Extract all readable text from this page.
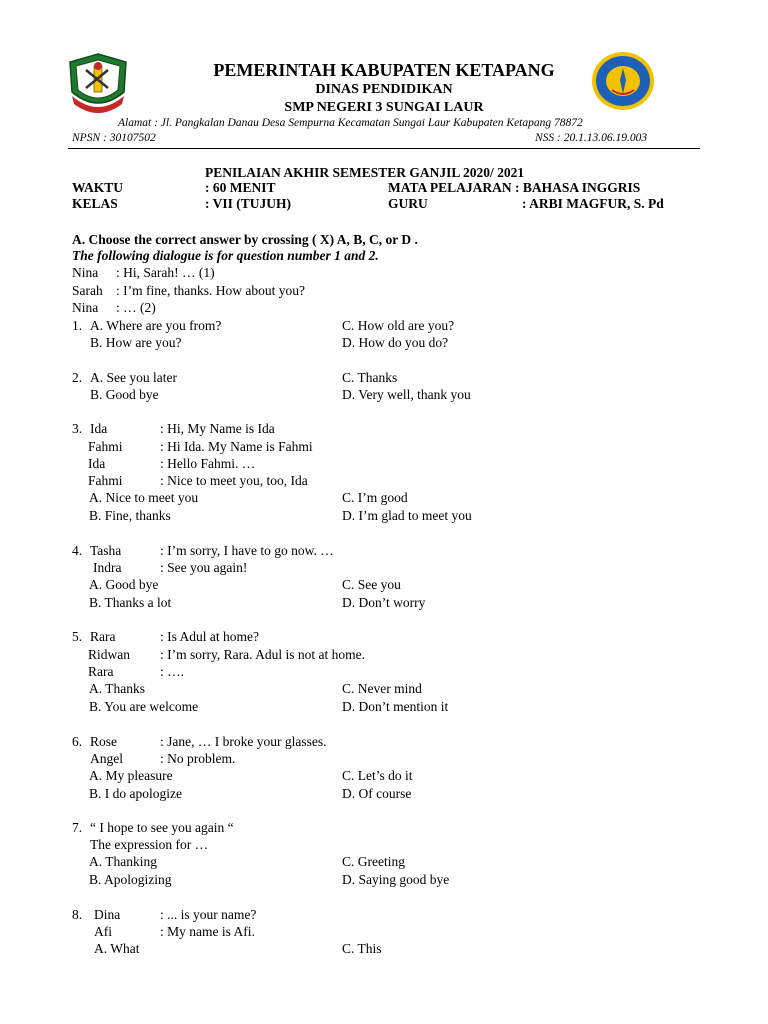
PEMERINTAH KABUPATEN KETAPANG
DINAS PENDIDIKAN
SMP NEGERI 3 SUNGAI LAUR
Alamat : Jl. Pangkalan Danau Desa Sempurna Kecamatan Sungai Laur Kabupaten Ketapang 78872
NPSN : 30107502	NSS : 20.1.13.06.19.003
PENILAIAN AKHIR SEMESTER GANJIL 2020/ 2021
WAKTU	: 60 MENIT	MATA PELAJARAN : BAHASA INGGRIS
KELAS	: VII (TUJUH)	GURU	: ARBI MAGFUR, S. Pd
A. Choose the correct answer by crossing ( X) A, B, C, or D .
The following dialogue is for question number 1 and 2.
Nina : Hi, Sarah! … (1)
Sarah : I’m fine, thanks. How about you?
Nina : … (2)
1. A. Where are you from?	C. How old are you?
B. How are you?	D. How do you do?
2. A. See you later	C. Thanks
B. Good bye	D. Very well, thank you
3. Ida	: Hi, My Name is Ida
Fahmi	: Hi Ida. My Name is Fahmi
Ida	: Hello Fahmi. …
Fahmi	: Nice to meet you, too, Ida
A. Nice to meet you	C. I’m good
B. Fine, thanks	D. I’m glad to meet you
4. Tasha	: I’m sorry, I have to go now. …
Indra	: See you again!
A. Good bye	C. See you
B. Thanks a lot	D. Don’t worry
5. Rara	: Is Adul at home?
Ridwan : I’m sorry, Rara. Adul is not at home.
Rara	: ….
A. Thanks	C. Never mind
B. You are welcome	D. Don’t mention it
6. Rose	: Jane, … I broke your glasses.
Angel	: No problem.
A. My pleasure	C. Let’s do it
B. I do apologize	D. Of course
7. “ I hope to see you again “
The expression for …
A. Thanking	C. Greeting
B. Apologizing	D. Saying good bye
8. Dina	: ... is your name?
Afi	: My name is Afi.
A. What	C. This
